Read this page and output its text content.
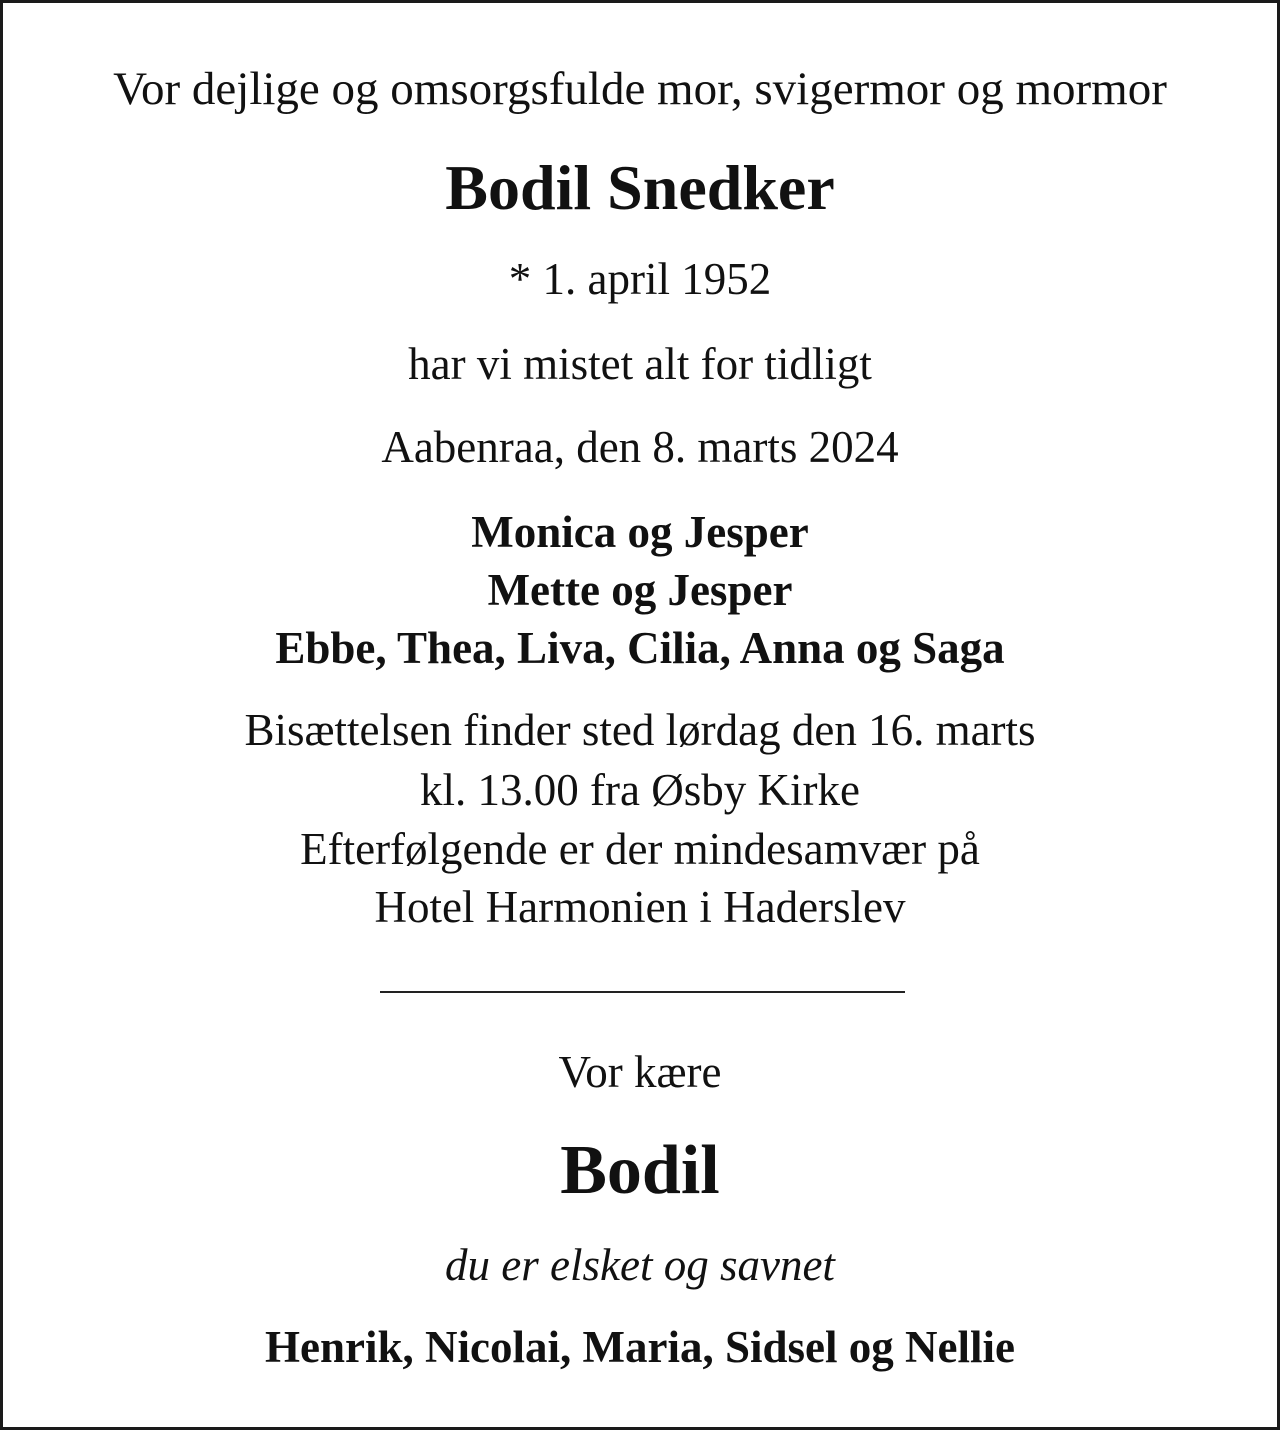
Vor dejlige og omsorgsfulde mor, svigermor og mormor

Bodil Snedker

* 1. april 1952

har vi mistet alt for tidligt

Aabenraa, den 8. marts 2024

Monica og Jesper

Mette og Jesper

Ebbe, Thea, Liva, Cilia, Anna og Saga

Bisættelsen finder sted lørdag den 16. marts

kl. 13.00 fra Øsby Kirke

Efterfølgende er der mindesamvær på

Hotel Harmonien i Haderslev

Vor kære

Bodil

du er elsket og savnet

Henrik, Nicolai, Maria, Sidsel og Nellie
